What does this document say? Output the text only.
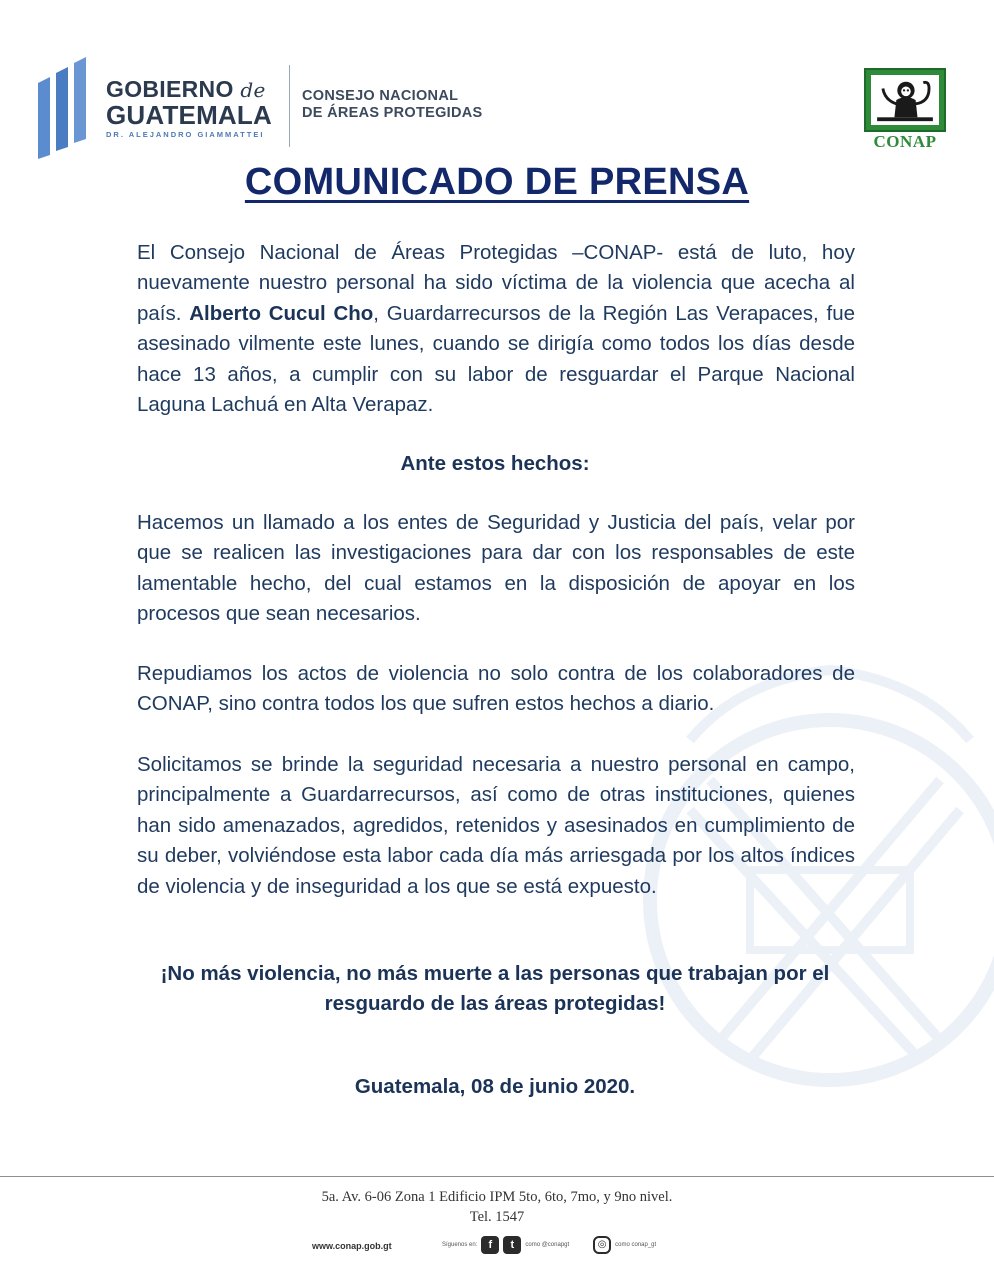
GOBIERNO de
GUATEMALA
DR. ALEJANDRO GIAMMATTEI
CONSEJO NACIONAL
DE ÁREAS PROTEGIDAS
CONAP
COMUNICADO DE PRENSA

El Consejo Nacional de Áreas Protegidas –CONAP- está de luto, hoy nuevamente nuestro personal ha sido víctima de la violencia que acecha al país. Alberto Cucul Cho, Guardarrecursos de la Región Las Verapaces, fue asesinado vilmente este lunes, cuando se dirigía como todos los días desde hace 13 años, a cumplir con su labor de resguardar el Parque Nacional Laguna Lachuá en Alta Verapaz.

Ante estos hechos:

Hacemos un llamado a los entes de Seguridad y Justicia del país, velar por que se realicen las investigaciones para dar con los responsables de este lamentable hecho, del cual estamos en la disposición de apoyar en los procesos que sean necesarios.

Repudiamos los actos de violencia no solo contra de los colaboradores de CONAP, sino contra todos los que sufren estos hechos a diario.

Solicitamos se brinde la seguridad necesaria a nuestro personal en campo, principalmente a Guardarrecursos, así como de otras instituciones, quienes han sido amenazados, agredidos, retenidos y asesinados en cumplimiento de su deber, volviéndose esta labor cada día más arriesgada por los altos índices de violencia y de inseguridad a los que se está expuesto.

¡No más violencia, no más muerte a las personas que trabajan por el resguardo de las áreas protegidas!
Guatemala, 08 de junio 2020.
5a. Av. 6-06 Zona 1 Edificio IPM 5to, 6to, 7mo, y 9no nivel.
Tel. 1547
www.conap.gob.gt	Síguenos en:	f	t	como @conapgt	◎	como conap_gt
